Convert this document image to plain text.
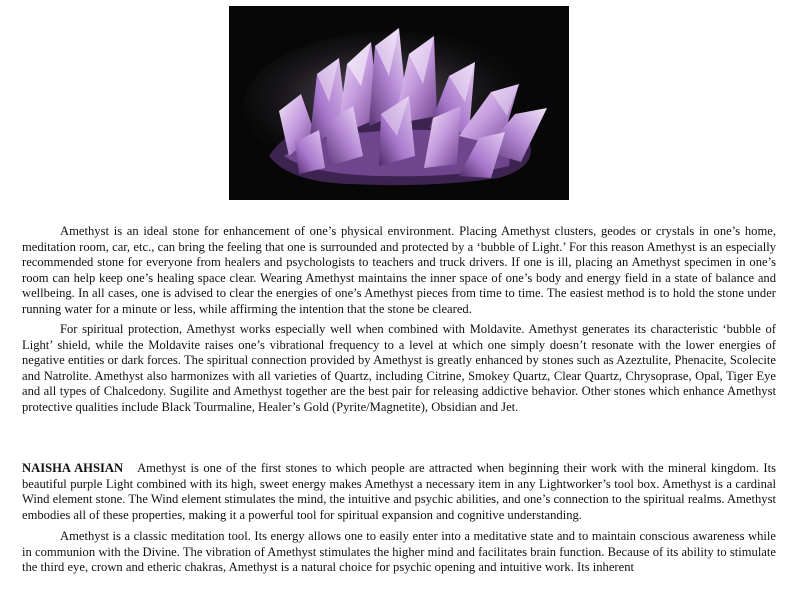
Amethyst is an ideal stone for enhancement of one’s physical environment. Placing Amethyst clusters, geodes or crystals in one’s home, meditation room, car, etc., can bring the feeling that one is surrounded and protected by a ‘bubble of Light.’ For this reason Amethyst is an especially recommended stone for everyone from healers and psychologists to teachers and truck drivers. If one is ill, placing an Amethyst specimen in one’s room can help keep one’s healing space clear. Wearing Amethyst maintains the inner space of one’s body and energy field in a state of balance and wellbeing. In all cases, one is advised to clear the energies of one’s Amethyst pieces from time to time. The easiest method is to hold the stone under running water for a minute or less, while affirming the intention that the stone be cleared.

For spiritual protection, Amethyst works especially well when combined with Moldavite. Amethyst generates its characteristic ‘bubble of Light’ shield, while the Moldavite raises one’s vibrational frequency to a level at which one simply doesn’t resonate with the lower energies of negative entities or dark forces. The spiritual connection provided by Amethyst is greatly enhanced by stones such as Azeztulite, Phenacite, Scolecite and Natrolite. Amethyst also harmonizes with all varieties of Quartz, including Citrine, Smokey Quartz, Clear Quartz, Chrysoprase, Opal, Tiger Eye and all types of Chalcedony. Sugilite and Amethyst together are the best pair for releasing addictive behavior. Other stones which enhance Amethyst protective qualities include Black Tourmaline, Healer’s Gold (Pyrite/Magnetite), Obsidian and Jet.

NAISHA AHSIAN Amethyst is one of the first stones to which people are attracted when beginning their work with the mineral kingdom. Its beautiful purple Light combined with its high, sweet energy makes Amethyst a necessary item in any Lightworker’s tool box. Amethyst is a cardinal Wind element stone. The Wind element stimulates the mind, the intuitive and psychic abilities, and one’s connection to the spiritual realms. Amethyst embodies all of these properties, making it a powerful tool for spiritual expansion and cognitive understanding.

Amethyst is a classic meditation tool. Its energy allows one to easily enter into a meditative state and to maintain conscious awareness while in communion with the Divine. The vibration of Amethyst stimulates the higher mind and facilitates brain function. Because of its ability to stimulate the third eye, crown and etheric chakras, Amethyst is a natural choice for psychic opening and intuitive work. Its inherent
